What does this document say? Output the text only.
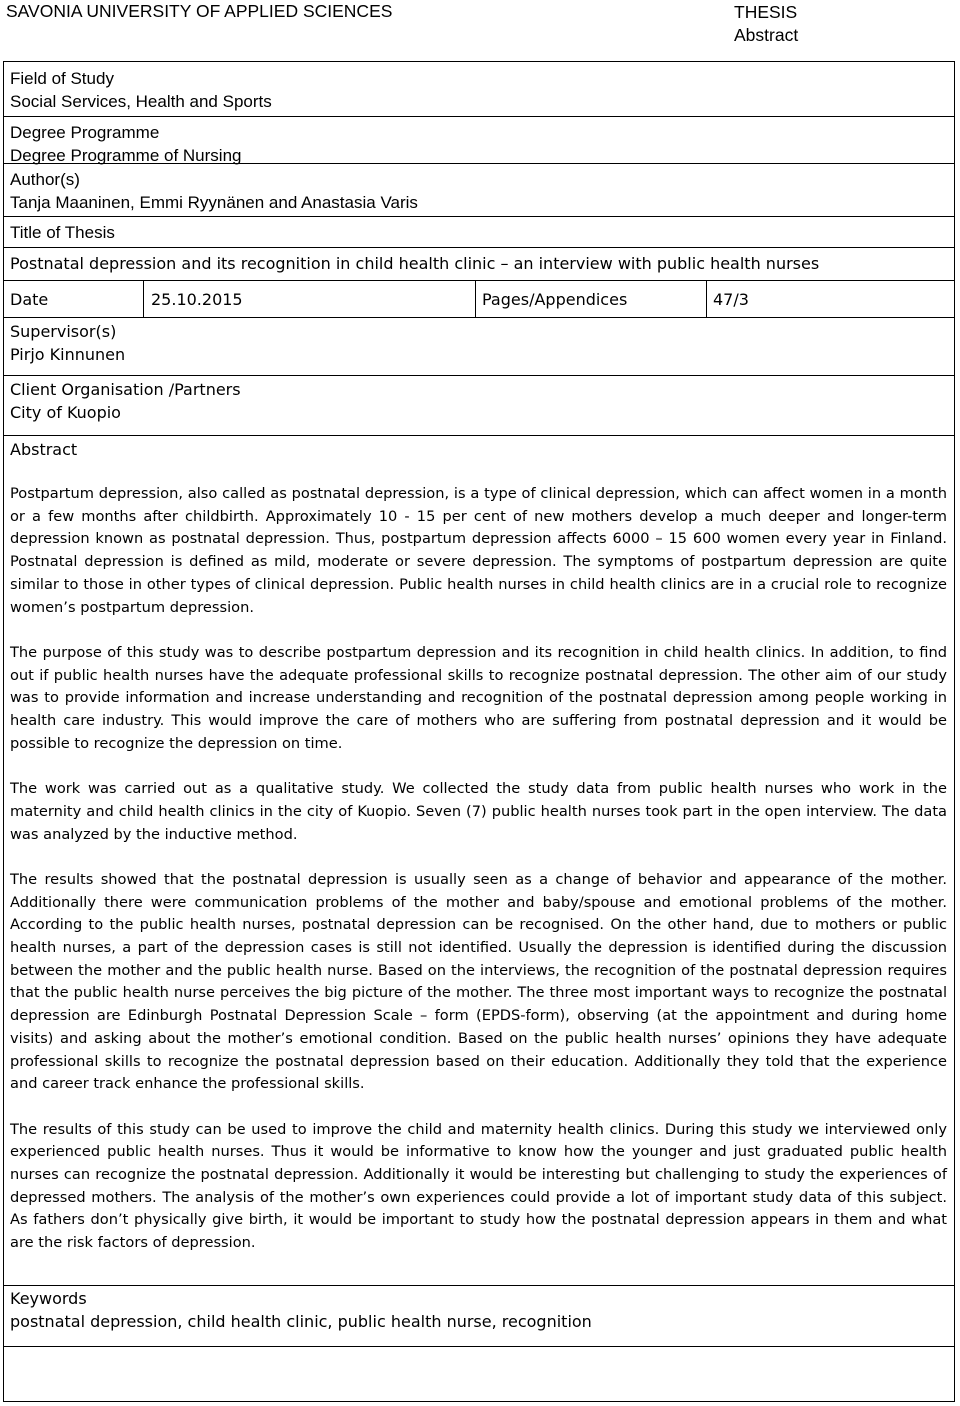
SAVONIA UNIVERSITY OF APPLIED SCIENCES	THESIS
Abstract
Field of Study
Social Services, Health and Sports
Degree Programme
Degree Programme of Nursing
Author(s)
Tanja Maaninen, Emmi Ryynänen and Anastasia Varis
Title of Thesis
Postnatal depression and its recognition in child health clinic – an interview with public health nurses
Date	25.10.2015	Pages/Appendices	47/3
Supervisor(s)
Pirjo Kinnunen
Client Organisation /Partners
City of Kuopio
Abstract

Postpartum depression, also called as postnatal depression, is a type of clinical depression, which can affect women in a month or a few months after childbirth. Approximately 10 - 15 per cent of new mothers develop a much deeper and longer-term depression known as postnatal depression. Thus, postpartum depression affects 6000 – 15 600 women every year in Finland. Postnatal depression is defined as mild, moderate or severe depression. The symptoms of postpartum depression are quite similar to those in other types of clinical depression. Public health nurses in child health clinics are in a crucial role to recognize women’s postpartum depression.

The purpose of this study was to describe postpartum depression and its recognition in child health clinics. In addition, to find out if public health nurses have the adequate professional skills to recognize postnatal depression. The other aim of our study was to provide information and increase understanding and recognition of the postnatal depression among people working in health care industry. This would improve the care of mothers who are suffering from postnatal depression and it would be possible to recognize the depression on time.

The work was carried out as a qualitative study. We collected the study data from public health nurses who work in the maternity and child health clinics in the city of Kuopio. Seven (7) public health nurses took part in the open interview. The data was analyzed by the inductive method.

The results showed that the postnatal depression is usually seen as a change of behavior and appearance of the mother. Additionally there were communication problems of the mother and baby/spouse and emotional problems of the mother. According to the public health nurses, postnatal depression can be recognised. On the other hand, due to mothers or public health nurses, a part of the depression cases is still not identified. Usually the depression is identified during the discussion between the mother and the public health nurse. Based on the interviews, the recognition of the postnatal depression requires that the public health nurse perceives the big picture of the mother. The three most important ways to recognize the postnatal depression are Edinburgh Postnatal Depression Scale – form (EPDS-form), observing (at the appointment and during home visits) and asking about the mother’s emotional condition. Based on the public health nurses’ opinions they have adequate professional skills to recognize the postnatal depression based on their education. Additionally they told that the experience and career track enhance the professional skills.

The results of this study can be used to improve the child and maternity health clinics. During this study we interviewed only experienced public health nurses. Thus it would be informative to know how the younger and just graduated public health nurses can recognize the postnatal depression. Additionally it would be interesting but challenging to study the experiences of depressed mothers. The analysis of the mother’s own experiences could provide a lot of important study data of this subject. As fathers don’t physically give birth, it would be important to study how the postnatal depression appears in them and what are the risk factors of depression.

Keywords
postnatal depression, child health clinic, public health nurse, recognition
